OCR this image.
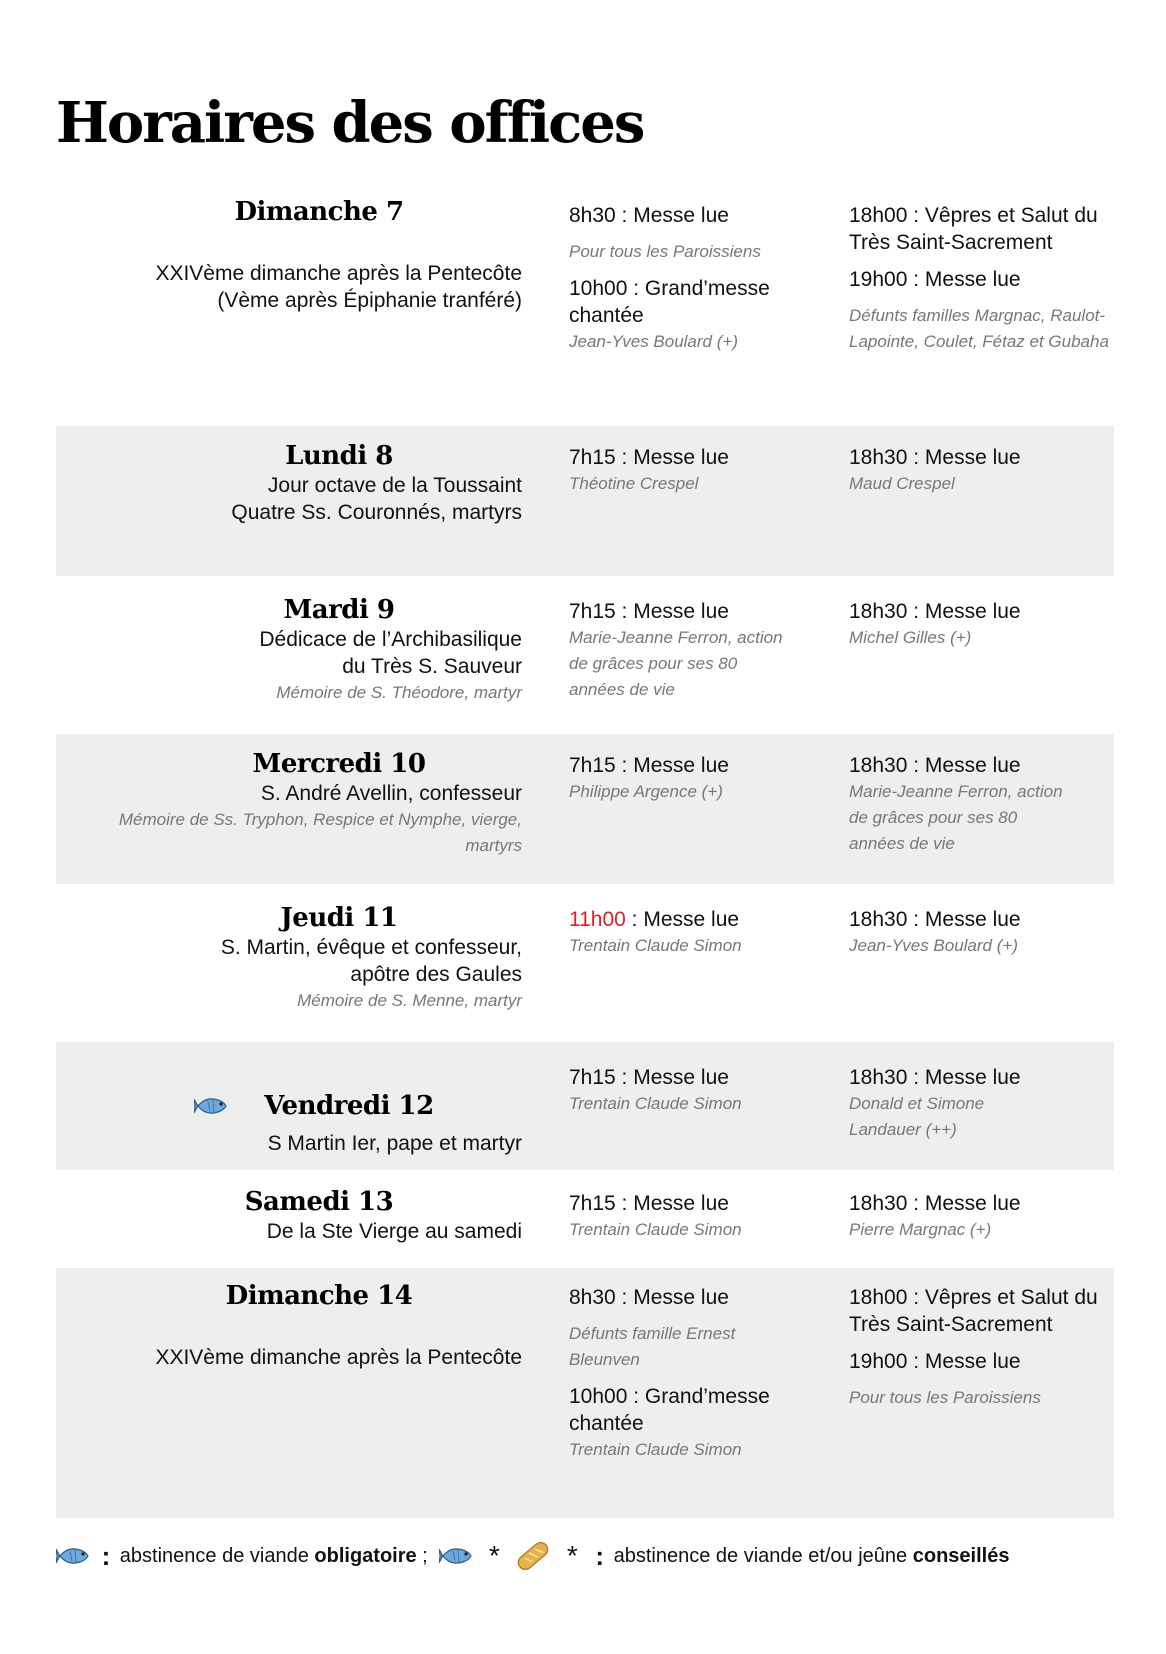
Horaires des offices
Dimanche 7
XXIVème dimanche après la Pentecôte
(Vème après Épiphanie tranféré)
8h30 : Messe lue
Pour tous les Paroissiens
10h00 : Grand’messe chantée
Jean-Yves Boulard (+)
18h00 : Vêpres et Salut du Très Saint-Sacrement
19h00 : Messe lue
Défunts familles Margnac, Raulot-Lapointe, Coulet, Fétaz et Gubaha
Lundi 8
Jour octave de la Toussaint
Quatre Ss. Couronnés, martyrs
7h15 : Messe lue
Théotine Crespel
18h30 : Messe lue
Maud Crespel
Mardi 9
Dédicace de l’Archibasilique
du Très S. Sauveur
Mémoire de S. Théodore, martyr
7h15 : Messe lue
Marie-Jeanne Ferron, action de grâces pour ses 80 années de vie
18h30 : Messe lue
Michel Gilles (+)
Mercredi 10
S. André Avellin, confesseur
Mémoire de Ss. Tryphon, Respice et Nymphe, vierge, martyrs
7h15 : Messe lue
Philippe Argence (+)
18h30 : Messe lue
Marie-Jeanne Ferron, action de grâces pour ses 80 années de vie
Jeudi 11
S. Martin, évêque et confesseur,
apôtre des Gaules
Mémoire de S. Menne, martyr
11h00 : Messe lue
Trentain Claude Simon
18h30 : Messe lue
Jean-Yves Boulard (+)
Vendredi 12
S Martin Ier, pape et martyr
7h15 : Messe lue
Trentain Claude Simon
18h30 : Messe lue
Donald et Simone Landauer (++)
Samedi 13
De la Ste Vierge au samedi
7h15 : Messe lue
Trentain Claude Simon
18h30 : Messe lue
Pierre Margnac (+)
Dimanche 14
XXIVème dimanche après la Pentecôte
8h30 : Messe lue
Défunts famille Ernest Bleunven
10h00 : Grand’messe chantée
Trentain Claude Simon
18h00 : Vêpres et Salut du Très Saint-Sacrement
19h00 : Messe lue
Pour tous les Paroissiens
: abstinence de viande obligatoire ; * * : abstinence de viande et/ou jeûne conseillés
